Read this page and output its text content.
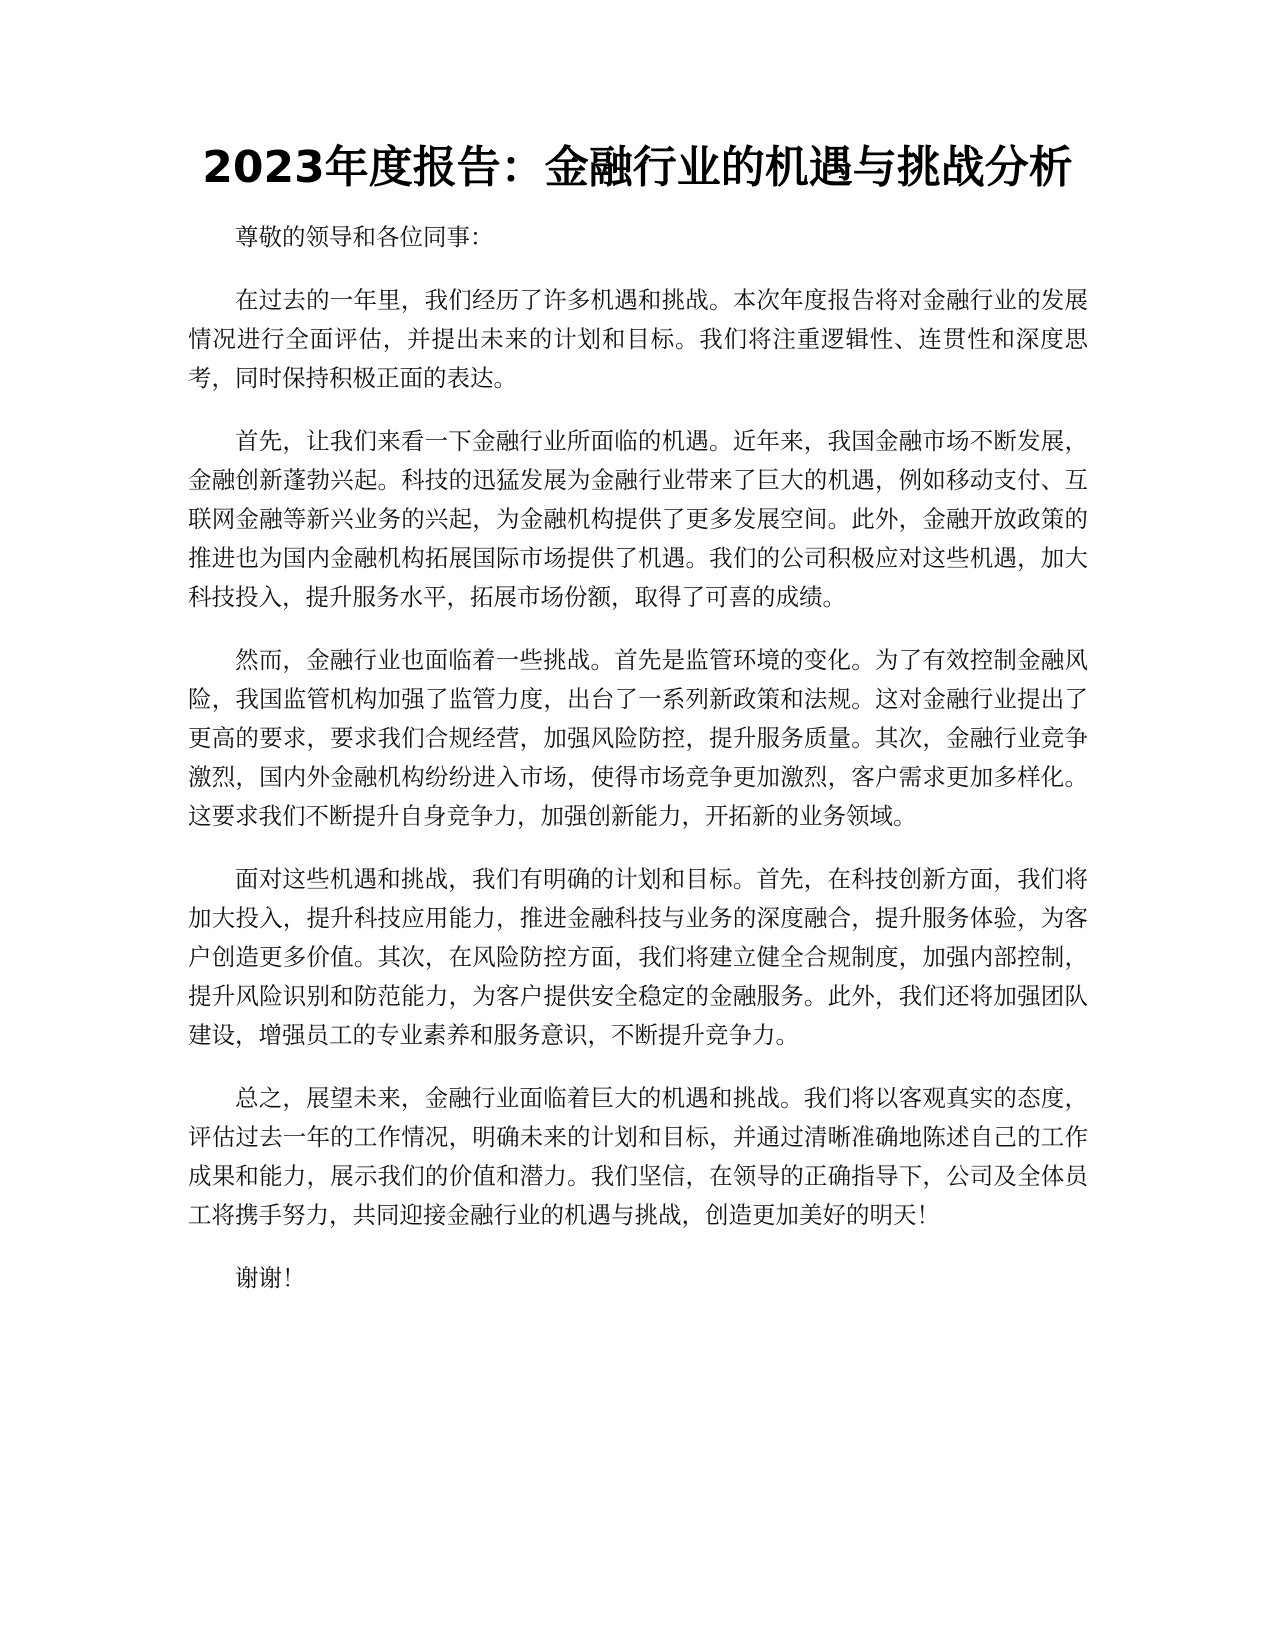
2023年度报告：金融行业的机遇与挑战分析

尊敬的领导和各位同事：

在过去的一年里，我们经历了许多机遇和挑战。本次年度报告将对金融行业的发展情况进行全面评估，并提出未来的计划和目标。我们将注重逻辑性、连贯性和深度思考，同时保持积极正面的表达。

首先，让我们来看一下金融行业所面临的机遇。近年来，我国金融市场不断发展，金融创新蓬勃兴起。科技的迅猛发展为金融行业带来了巨大的机遇，例如移动支付、互联网金融等新兴业务的兴起，为金融机构提供了更多发展空间。此外，金融开放政策的推进也为国内金融机构拓展国际市场提供了机遇。我们的公司积极应对这些机遇，加大科技投入，提升服务水平，拓展市场份额，取得了可喜的成绩。

然而，金融行业也面临着一些挑战。首先是监管环境的变化。为了有效控制金融风险，我国监管机构加强了监管力度，出台了一系列新政策和法规。这对金融行业提出了更高的要求，要求我们合规经营，加强风险防控，提升服务质量。其次，金融行业竞争激烈，国内外金融机构纷纷进入市场，使得市场竞争更加激烈，客户需求更加多样化。这要求我们不断提升自身竞争力，加强创新能力，开拓新的业务领域。

面对这些机遇和挑战，我们有明确的计划和目标。首先，在科技创新方面，我们将加大投入，提升科技应用能力，推进金融科技与业务的深度融合，提升服务体验，为客户创造更多价值。其次，在风险防控方面，我们将建立健全合规制度，加强内部控制，提升风险识别和防范能力，为客户提供安全稳定的金融服务。此外，我们还将加强团队建设，增强员工的专业素养和服务意识，不断提升竞争力。

总之，展望未来，金融行业面临着巨大的机遇和挑战。我们将以客观真实的态度，评估过去一年的工作情况，明确未来的计划和目标，并通过清晰准确地陈述自己的工作成果和能力，展示我们的价值和潜力。我们坚信，在领导的正确指导下，公司及全体员工将携手努力，共同迎接金融行业的机遇与挑战，创造更加美好的明天！

谢谢！
